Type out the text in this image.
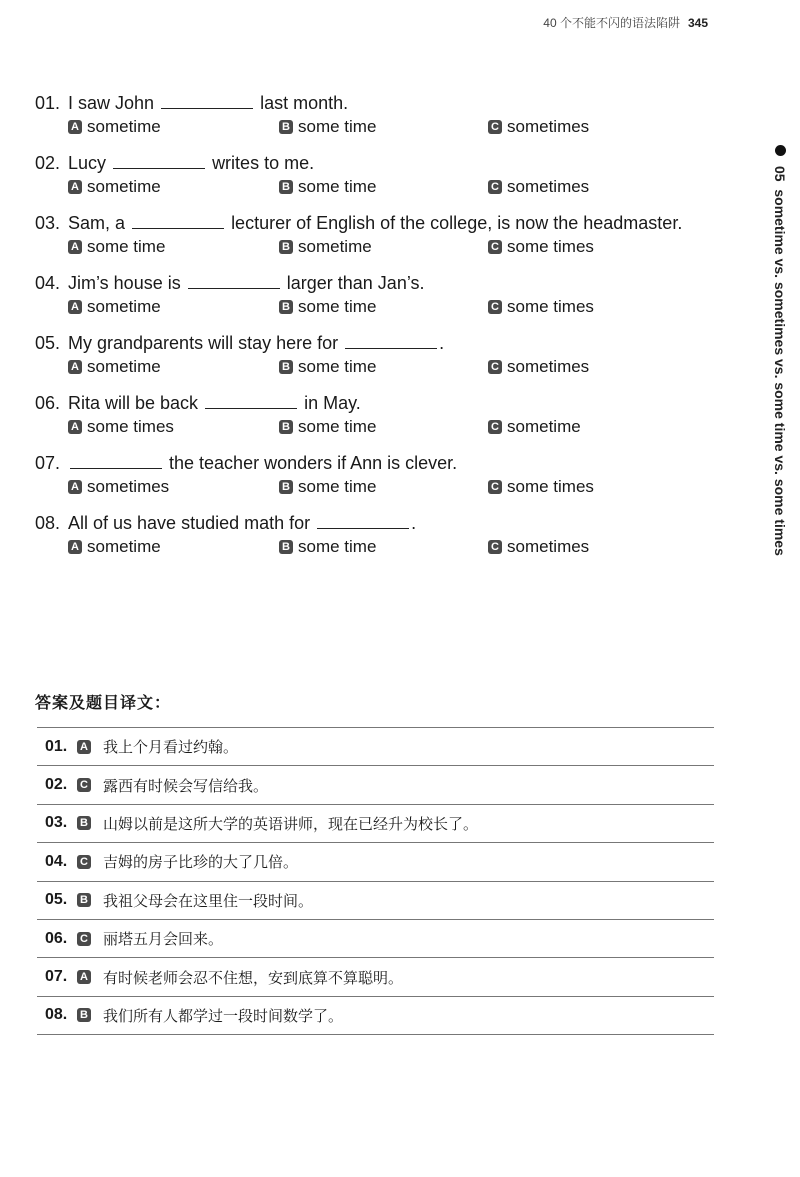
40 个不能不闪的语法陷阱 345
05 sometime vs. sometimes vs. some time vs. some times
01. I saw John	last month.
A sometime	B some time	C sometimes
02. Lucy	writes to me.
A sometime	B some time	C sometimes
03. Sam, a	lecturer of English of the college, is now the headmaster.
A some time	B sometime	C some times
04. Jim’s house is	larger than Jan’s.
A sometime	B some time	C some times
05. My grandparents will stay here for	.
A sometime	B some time	C sometimes
06. Rita will be back	in May.
A some times	B some time	C sometime
07.	the teacher wonders if Ann is clever.
A sometimes	B some time	C some times
08. All of us have studied math for	.
A sometime	B some time	C sometimes
答案及题目译文：
01.	A 我上个月看过约翰。
02.	C 露西有时候会写信给我。
03.	B 山姆以前是这所大学的英语讲师，现在已经升为校长了。
04.	C 吉姆的房子比珍的大了几倍。
05.	B 我祖父母会在这里住一段时间。
06.	C 丽塔五月会回来。
07.	A 有时候老师会忍不住想，安到底算不算聪明。
08.	B 我们所有人都学过一段时间数学了。
